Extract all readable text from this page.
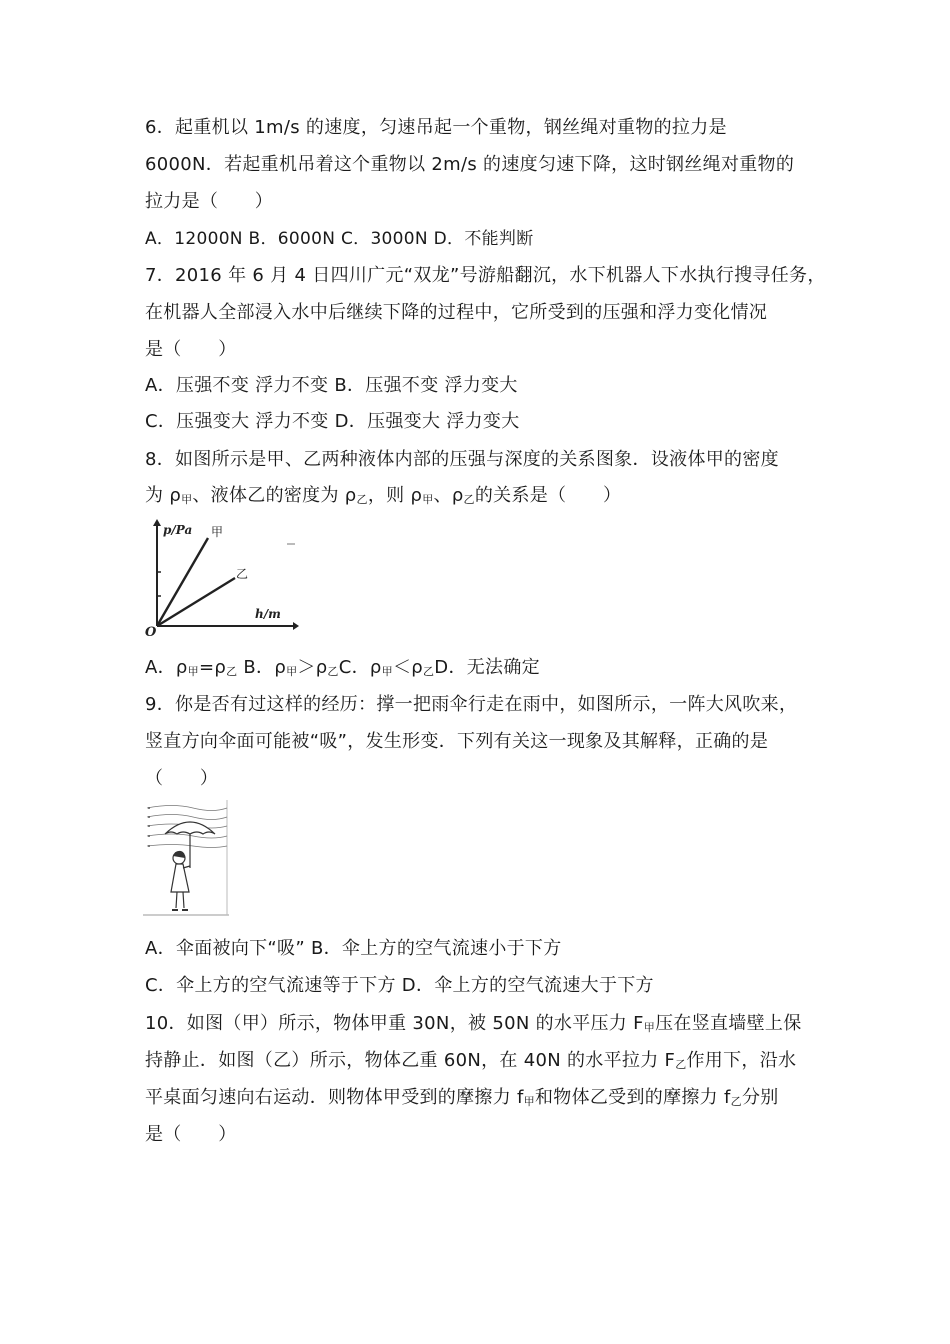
6．起重机以 1m/s 的速度，匀速吊起一个重物，钢丝绳对重物的拉力是
6000N．若起重机吊着这个重物以 2m/s 的速度匀速下降，这时钢丝绳对重物的
拉力是（　　）
A．12000N B．6000N C．3000N D．不能判断
7．2016 年 6 月 4 日四川广元“双龙”号游船翻沉，水下机器人下水执行搜寻任务，
在机器人全部浸入水中后继续下降的过程中，它所受到的压强和浮力变化情况
是（　　）
A．压强不变 浮力不变 B．压强不变 浮力变大
C．压强变大 浮力不变 D．压强变大 浮力变大
8．如图所示是甲、乙两种液体内部的压强与深度的关系图象．设液体甲的密度
为 ρ甲、液体乙的密度为 ρ乙，则 ρ甲、ρ乙的关系是（　　）
p/Pa 甲
乙
h/m
O
A．ρ甲=ρ乙 B．ρ甲＞ρ乙C．ρ甲＜ρ乙D．无法确定
9．你是否有过这样的经历：撑一把雨伞行走在雨中，如图所示，一阵大风吹来，
竖直方向伞面可能被“吸”，发生形变．下列有关这一现象及其解释，正确的是
（　　）
A．伞面被向下“吸” B．伞上方的空气流速小于下方
C．伞上方的空气流速等于下方 D．伞上方的空气流速大于下方
10．如图（甲）所示，物体甲重 30N，被 50N 的水平压力 F甲压在竖直墙壁上保
持静止．如图（乙）所示，物体乙重 60N，在 40N 的水平拉力 F乙作用下，沿水
平桌面匀速向右运动．则物体甲受到的摩擦力 f甲和物体乙受到的摩擦力 f乙分别
是（　　）
